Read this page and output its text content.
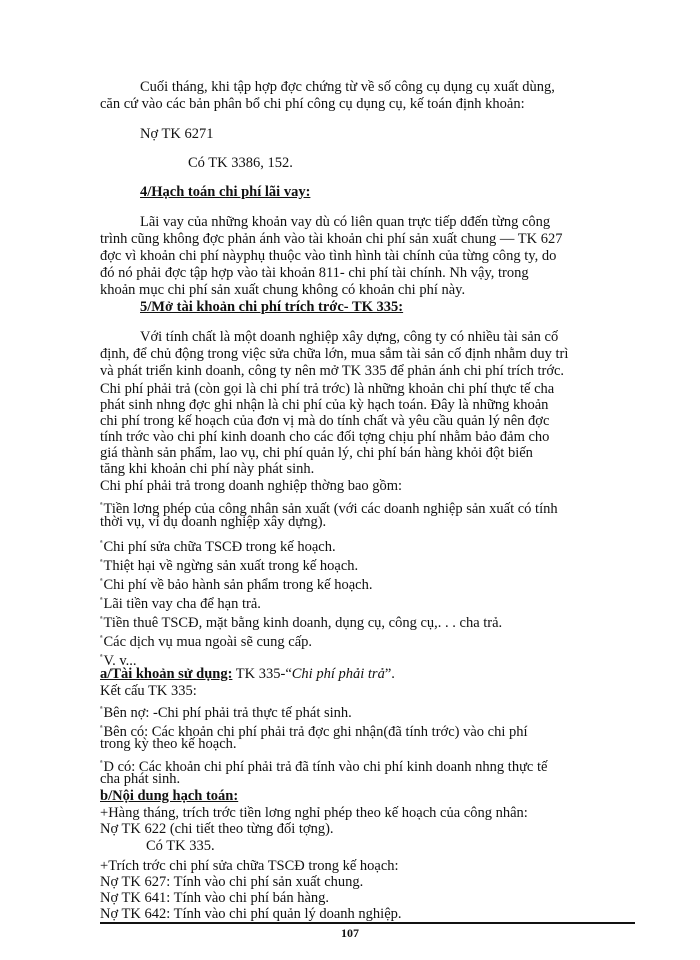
Cuối tháng, khi tập hợp đợc chứng từ về số công cụ dụng cụ xuất dùng,
căn cứ vào các bản phân bổ chi phí công cụ dụng cụ, kế toán định khoản:
Nợ TK 6271
Có TK 3386, 152.
4/Hạch toán chi phí lãi vay:
Lãi vay của những khoản vay dù có liên quan trực tiếp dđến từng công
trình cũng không đợc phản ánh vào tài khoản chi phí sản xuất chung — TK 627
đợc vì khoản chi phí nàyphụ thuộc vào tình hình tài chính của từng công ty, do
đó nó phải đợc tập hợp vào tài khoản 811- chi phí tài chính. Nh vậy, trong
khoản mục chi phí sản xuất chung không có khoản chi phí này.
5/Mở tài khoản chi phí trích trớc- TK 335:
Với tính chất là một doanh nghiệp xây dựng, công ty có nhiều tài sản cố
định, để chủ động trong việc sửa chữa lớn, mua sắm tài sản cố định nhằm duy trì
và phát triển kinh doanh, công ty nên mở TK 335 để phản ánh chi phí trích trớc.
Chi phí phải trả (còn gọi là chi phí trả trớc) là những khoản chi phí thực tế cha
phát sinh nhng đợc ghi nhận là chi phí của kỳ hạch toán. Đây là những khoản
chi phí trong kế hoạch của đơn vị mà do tính chất và yêu cầu quản lý nên đợc
tính trớc vào chi phí kinh doanh cho các đối tợng chịu phí nhằm bảo đảm cho
giá thành sản phẩm, lao vụ, chi phí quản lý, chi phí bán hàng khỏi đột biến
tăng khi khoản chi phí này phát sinh.
Chi phí phải trả trong doanh nghiệp thờng bao gồm:
$^ª$Tiền lơng phép của công nhân sản xuất (với các doanh nghiệp sản xuất có tính
thời vụ, ví dụ doanh nghiệp xây dựng).
$^ª$Chi phí sửa chữa TSCĐ trong kế hoạch.
$^ª$Thiệt hại về ngừng sản xuất trong kế hoạch.
$^ª$Chi phí về bảo hành sản phẩm trong kế hoạch.
$^ª$Lãi tiền vay cha để hạn trả.
$^ª$Tiền thuê TSCĐ, mặt bằng kinh doanh, dụng cụ, công cụ,. . . cha trả.
$^ª$Các dịch vụ mua ngoài sẽ cung cấp.
$^ª$V. v...
a/Tài khoản sử dụng: TK 335-“Chi phí phải trả”.
Kết cấu TK 335:
$^ª$Bên nợ: -Chi phí phải trả thực tế phát sinh.
$^ª$Bên có: Các khoản chi phí phải trả đợc ghi nhận(đã tính trớc) vào chi phí
trong kỳ theo kế hoạch.
$^ª$D có: Các khoản chi phí phải trả đã tính vào chi phí kinh doanh nhng thực tế
cha phát sinh.
b/Nội dung hạch toán:
+Hàng tháng, trích trớc tiền lơng nghỉ phép theo kế hoạch của công nhân:
Nợ TK 622 (chi tiết theo từng đối tợng).
Có TK 335.
+Trích trớc chi phí sửa chữa TSCĐ trong kế hoạch:
Nợ TK 627: Tính vào chi phí sản xuất chung.
Nợ TK 641: Tính vào chi phí bán hàng.
Nợ TK 642: Tính vào chi phí quản lý doanh nghiệp.
107
